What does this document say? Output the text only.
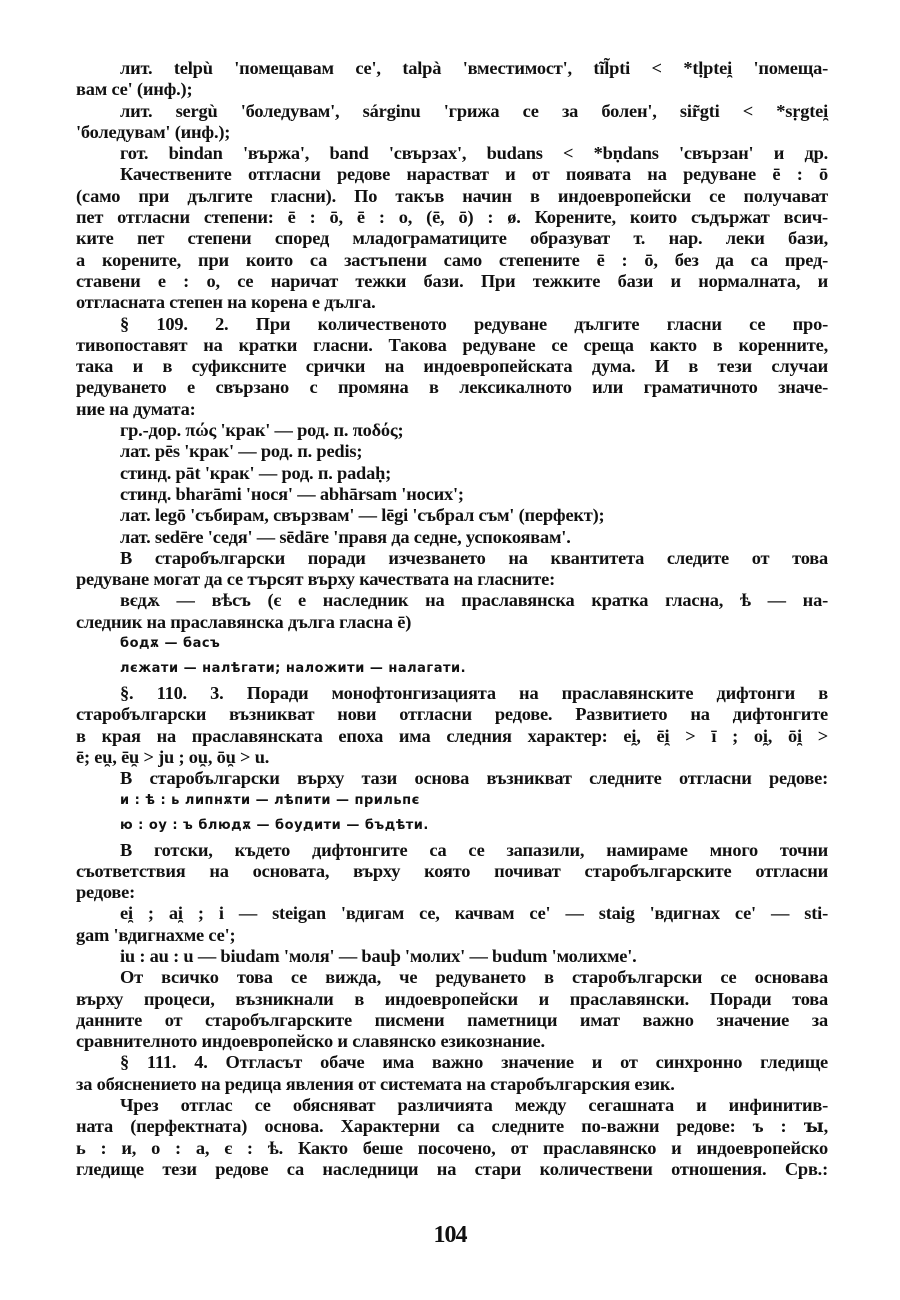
лит. telpù 'помещавам се', talpà 'вместимост', tĩl̃pti < *tḷptei̯ 'помеща-
вам се' (инф.);
лит. sergù 'боледувам', sárginu 'грижа се за болен', sir̃gti < *sṛgtei̯
'боледувам' (инф.);
гот. bindan 'вържа', band 'свързах', budans < *bṇdans 'свързан' и др.
Качествените отгласни редове нарастват и от появата на редуване ē : ō
(само при дългите гласни). По такъв начин в индоевропейски се получават
пет отгласни степени: ē : ō, ē : o, (ē, ō) : ø. Корените, които съдържат всич-
ките пет степени според младограматиците образуват т. нар. леки бази,
а корените, при които са застъпени само степените ē : ō, без да са пред-
ставени e : o, се наричат тежки бази. При тежките бази и нормалната, и
отгласната степен на корена е дълга.
§ 109. 2. При количественото редуване дългите гласни се про-
тивопоставят на кратки гласни. Такова редуване се среща както в коренните,
така и в суфиксните срички на индоевропейската дума. И в тези случаи
редуването е свързано с промяна в лексикалното или граматичното значе-
ние на думата:
гр.-дор. πώς 'крак' — род. п. ποδός;
лат. pēs 'крак' — род. п. pedis;
стинд. pāt 'крак' — род. п. padaḥ;
стинд. bharāmi 'нося' — abhārsam 'носих';
лат. legō 'събирам, свързвам' — lēgi 'събрал съм' (перфект);
лат. sedēre 'седя' — sēdāre 'правя да седне, успокоявам'.
В старобългарски поради изчезването на квантитета следите от това
редуване могат да се търсят върху качествата на гласните:
вєдѫ — вѣсъ (є е наследник на праславянска кратка гласна, ѣ — на-
следник на праславянска дълга гласна ē)
бодѫ — басъ
лєжати — налѣгати; наложити — налагати.
§. 110. 3. Поради монофтонгизацията на праславянските дифтонги в
старобългарски възникват нови отгласни редове. Развитието на дифтонгите
в края на праславянската епоха има следния характер: ei̯, ēi̯ > ī ; oi̯, ōi̯ >
ē; eu̯, ēu̯ > ju ; ou̯, ōu̯ > u.
В старобългарски върху тази основа възникват следните отгласни редове:
и : ѣ : ь липнѫти — лѣпити — прильпє
ю : оу : ъ блюдѫ — боудити — бъдѣти.
В готски, където дифтонгите са се запазили, намираме много точни
съответствия на основата, върху която почиват старобългарските отгласни
редове:
ei̯ ; ai̯ ; i — steigan 'вдигам се, качвам се' — staig 'вдигнах се' — sti-
gam 'вдигнахме се';
iu : au : u — biudam 'моля' — bauþ 'молих' — budum 'молихме'.
От всичко това се вижда, че редуването в старобългарски се основава
върху процеси, възникнали в индоевропейски и праславянски. Поради това
данните от старобългарските писмени паметници имат важно значение за
сравнителното индоевропейско и славянско езикознание.
§ 111. 4. Отгласът обаче има важно значение и от синхронно гледище
за обяснението на редица явления от системата на старобългарския език.
Чрез отглас се обясняват различията между сегашната и инфинитив-
ната (перфектната) основа. Характерни са следните по-важни редове: ъ : ꙑ,
ь : и, о : а, є : ѣ. Както беше посочено, от праславянско и индоевропейско
гледище тези редове са наследници на стари количествени отношения. Срв.:
104
